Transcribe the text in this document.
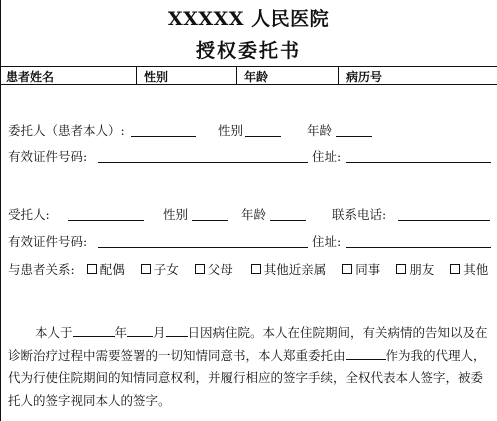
XXXXX 人民医院
授权委托书
患者姓名	性别	年龄	病历号
委托人（患者本人）:	性别	年龄
有效证件号码:	住址:
受托人:	性别	年龄	联系电话:
有效证件号码:	住址:
与患者关系: 配偶 子女 父母 其他近亲属 同事 朋友 其他
本人于	年 月 日因病住院。本人在住院期间，有关病情的告知以及在诊断治疗过程中需要签署的一切知情同意书，本人郑重委托由	作为我的代理人，代为行使住院期间的知情同意权利，并履行相应的签字手续，全权代表本人签字，被委托人的签字视同本人的签字。
